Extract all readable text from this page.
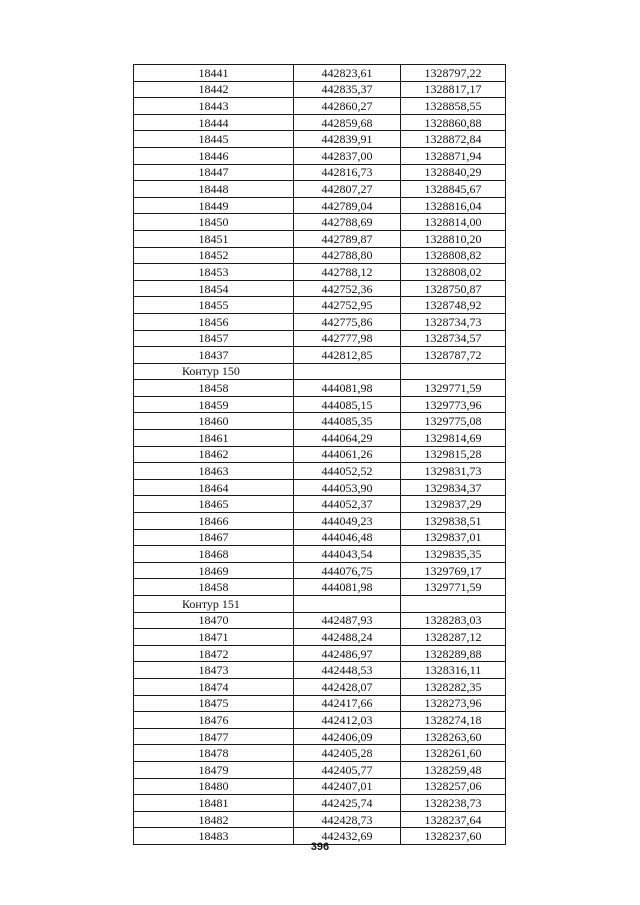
18441	442823,61	1328797,22
18442	442835,37	1328817,17
18443	442860,27	1328858,55
18444	442859,68	1328860,88
18445	442839,91	1328872,84
18446	442837,00	1328871,94
18447	442816,73	1328840,29
18448	442807,27	1328845,67
18449	442789,04	1328816,04
18450	442788,69	1328814,00
18451	442789,87	1328810,20
18452	442788,80	1328808,82
18453	442788,12	1328808,02
18454	442752,36	1328750,87
18455	442752,95	1328748,92
18456	442775,86	1328734,73
18457	442777,98	1328734,57
18437	442812,85	1328787,72
Контур 150		
18458	444081,98	1329771,59
18459	444085,15	1329773,96
18460	444085,35	1329775,08
18461	444064,29	1329814,69
18462	444061,26	1329815,28
18463	444052,52	1329831,73
18464	444053,90	1329834,37
18465	444052,37	1329837,29
18466	444049,23	1329838,51
18467	444046,48	1329837,01
18468	444043,54	1329835,35
18469	444076,75	1329769,17
18458	444081,98	1329771,59
Контур 151		
18470	442487,93	1328283,03
18471	442488,24	1328287,12
18472	442486,97	1328289,88
18473	442448,53	1328316,11
18474	442428,07	1328282,35
18475	442417,66	1328273,96
18476	442412,03	1328274,18
18477	442406,09	1328263,60
18478	442405,28	1328261,60
18479	442405,77	1328259,48
18480	442407,01	1328257,06
18481	442425,74	1328238,73
18482	442428,73	1328237,64
18483	442432,69	1328237,60
396
